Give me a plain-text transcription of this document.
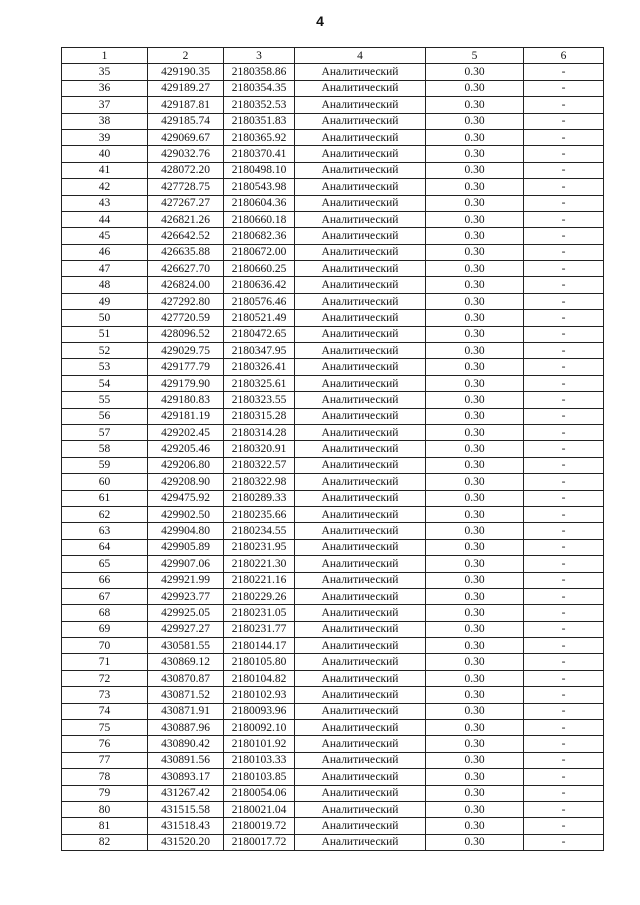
4
1	2	3	4	5	6
35	429190.35	2180358.86	Аналитический	0.30	-
36	429189.27	2180354.35	Аналитический	0.30	-
37	429187.81	2180352.53	Аналитический	0.30	-
38	429185.74	2180351.83	Аналитический	0.30	-
39	429069.67	2180365.92	Аналитический	0.30	-
40	429032.76	2180370.41	Аналитический	0.30	-
41	428072.20	2180498.10	Аналитический	0.30	-
42	427728.75	2180543.98	Аналитический	0.30	-
43	427267.27	2180604.36	Аналитический	0.30	-
44	426821.26	2180660.18	Аналитический	0.30	-
45	426642.52	2180682.36	Аналитический	0.30	-
46	426635.88	2180672.00	Аналитический	0.30	-
47	426627.70	2180660.25	Аналитический	0.30	-
48	426824.00	2180636.42	Аналитический	0.30	-
49	427292.80	2180576.46	Аналитический	0.30	-
50	427720.59	2180521.49	Аналитический	0.30	-
51	428096.52	2180472.65	Аналитический	0.30	-
52	429029.75	2180347.95	Аналитический	0.30	-
53	429177.79	2180326.41	Аналитический	0.30	-
54	429179.90	2180325.61	Аналитический	0.30	-
55	429180.83	2180323.55	Аналитический	0.30	-
56	429181.19	2180315.28	Аналитический	0.30	-
57	429202.45	2180314.28	Аналитический	0.30	-
58	429205.46	2180320.91	Аналитический	0.30	-
59	429206.80	2180322.57	Аналитический	0.30	-
60	429208.90	2180322.98	Аналитический	0.30	-
61	429475.92	2180289.33	Аналитический	0.30	-
62	429902.50	2180235.66	Аналитический	0.30	-
63	429904.80	2180234.55	Аналитический	0.30	-
64	429905.89	2180231.95	Аналитический	0.30	-
65	429907.06	2180221.30	Аналитический	0.30	-
66	429921.99	2180221.16	Аналитический	0.30	-
67	429923.77	2180229.26	Аналитический	0.30	-
68	429925.05	2180231.05	Аналитический	0.30	-
69	429927.27	2180231.77	Аналитический	0.30	-
70	430581.55	2180144.17	Аналитический	0.30	-
71	430869.12	2180105.80	Аналитический	0.30	-
72	430870.87	2180104.82	Аналитический	0.30	-
73	430871.52	2180102.93	Аналитический	0.30	-
74	430871.91	2180093.96	Аналитический	0.30	-
75	430887.96	2180092.10	Аналитический	0.30	-
76	430890.42	2180101.92	Аналитический	0.30	-
77	430891.56	2180103.33	Аналитический	0.30	-
78	430893.17	2180103.85	Аналитический	0.30	-
79	431267.42	2180054.06	Аналитический	0.30	-
80	431515.58	2180021.04	Аналитический	0.30	-
81	431518.43	2180019.72	Аналитический	0.30	-
82	431520.20	2180017.72	Аналитический	0.30	-
